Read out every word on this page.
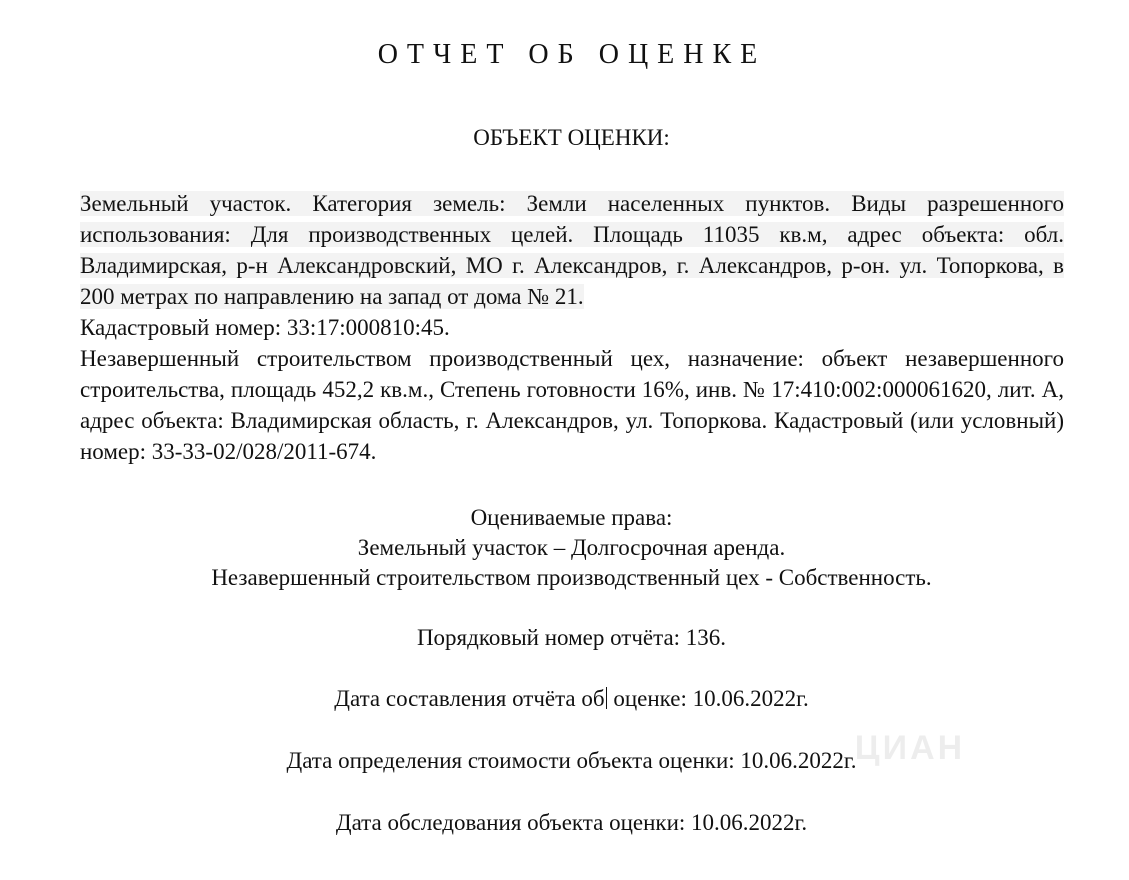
ОТЧЕТ ОБ ОЦЕНКЕ
ОБЪЕКТ ОЦЕНКИ:

Земельный участок. Категория земель: Земли населенных пунктов. Виды разрешенного использования: Для производственных целей. Площадь 11035 кв.м, адрес объекта: обл. Владимирская, р-н Александровский, МО г. Александров, г. Александров, р-он. ул. Топоркова, в 200 метрах по направлению на запад от дома № 21.

Кадастровый номер: 33:17:000810:45.

Незавершенный строительством производственный цех, назначение: объект незавершенного строительства, площадь 452,2 кв.м., Степень готовности 16%, инв. № 17:410:002:000061620, лит. А, адрес объекта: Владимирская область, г. Александров, ул. Топоркова. Кадастровый (или условный) номер: 33-33-02/028/2011-674.

Оцениваемые права:
Земельный участок – Долгосрочная аренда.
Незавершенный строительством производственный цех - Собственность.
Порядковый номер отчёта: 136.
Дата составления отчёта об оценке: 10.06.2022г.
ЦИАН
Дата определения стоимости объекта оценки: 10.06.2022г.
Дата обследования объекта оценки: 10.06.2022г.
